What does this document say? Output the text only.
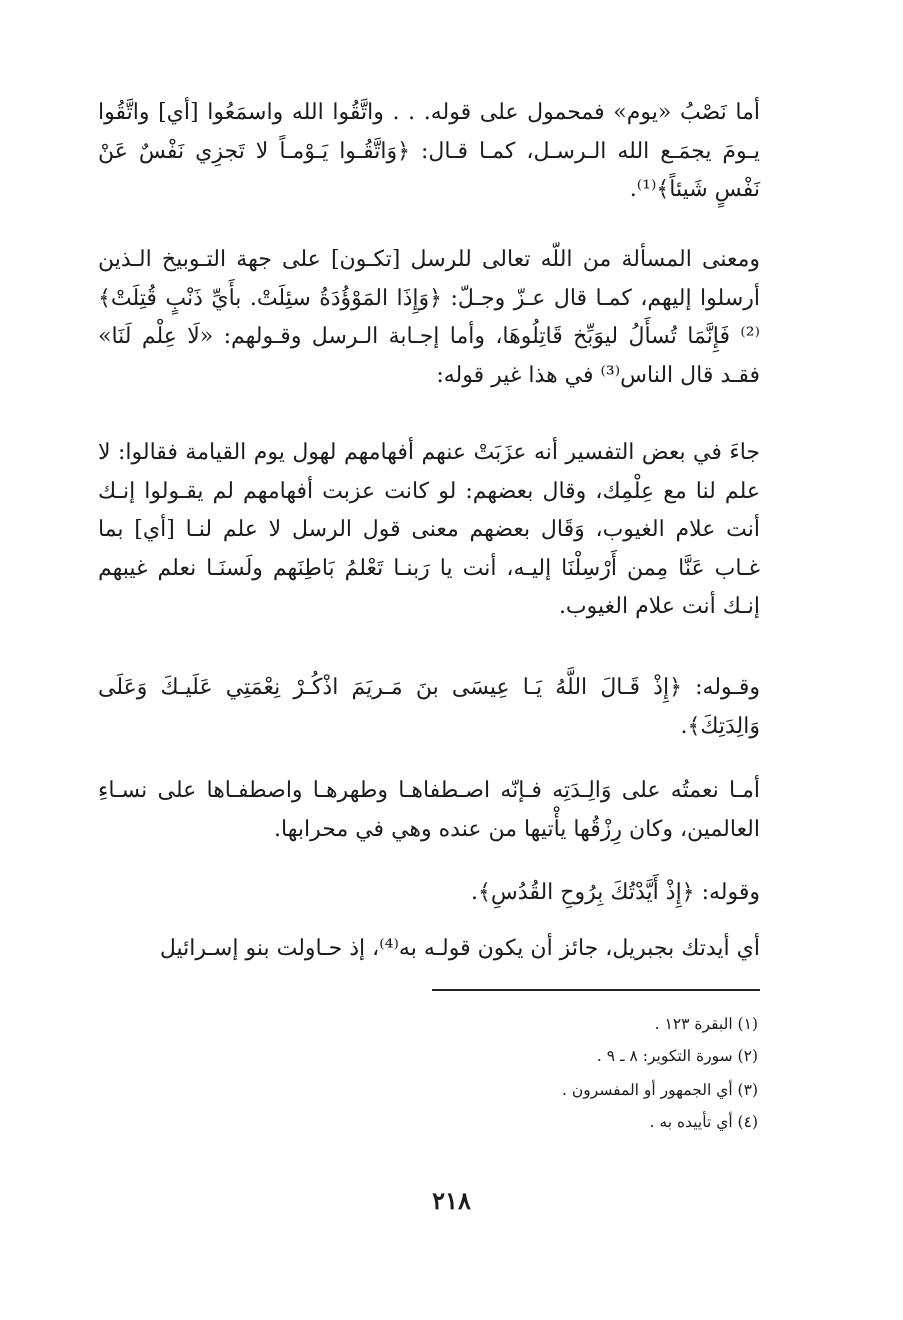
أما نَصْبُ «يوم» فمحمول على قوله. . . واتَّقُوا الله واسمَعُوا [أي] واتَّقُوا يـومَ يجمَـع الله الـرسـل، كمـا قـال: ﴿وَاتَّقُـوا يَـوْمـاً لا تَجزِي نَفْسٌ عَنْ نَفْسٍ شَيئاً﴾⁽¹⁾.

ومعنى المسألة من اللّه تعالى للرسل [تكـون] على جهة التـوبيخ الـذين أرسلوا إليهم، كمـا قال عـزّ وجـلّ: ﴿وَإِذَا المَوْؤُدَةُ سئِلَتْ. بأَيِّ ذَنْبٍ قُتِلَتْ﴾⁽²⁾ فَإِنَّمَا تُسأَلُ ليوَبِّخ قَاتِلُوهَا، وأما إجـابة الـرسل وقـولهم: «لَا عِلْم لَنَا» فقـد قال الناس⁽³⁾ في هذا غير قوله:

جاءَ في بعض التفسير أنه عزَبَتْ عنهم أفهامهم لهول يوم القيامة فقالوا: لا علم لنا مع عِلْمِك، وقال بعضهم: لو كانت عزبت أفهامهم لم يقـولوا إنـك أنت علام الغيوب، وَقَال بعضهم معنى قول الرسل لا علم لنـا [أي] بما غـاب عَنَّا مِمن أَرْسِلْنَا إليـه، أنت يا رَبنـا تَعْلمُ بَاطِنَهم ولَسنَـا نعلم غيبهم إنـك أنت علام الغيوب.

وقـوله: ﴿إِذْ قَـالَ اللَّهُ يَـا عِيسَى بنَ مَـريَمَ اذْكُـرْ نِعْمَتِي عَلَيـكَ وَعَلَى وَالِدَتِكَ﴾.

أمـا نعمتُه على وَالِـدَتِه فـإنّه اصـطفاهـا وطهرهـا واصطفـاها على نسـاءِ العالمين، وكان رِزْقُها يأْتيها من عنده وهي في محرابها.

وقوله: ﴿إِذْ أَيَّدْتُكَ بِرُوحِ القُدُسِ﴾.

أي أيدتك بجبريل، جائز أن يكون قولـه به⁽⁴⁾، إذ حـاولت بنو إسـرائيل

(١) البقرة ١٢٣ .
(٢) سورة التكوير: ٨ ـ ٩ .
(٣) أي الجمهور أو المفسرون .
(٤) أي تأييده به .
٢١٨
